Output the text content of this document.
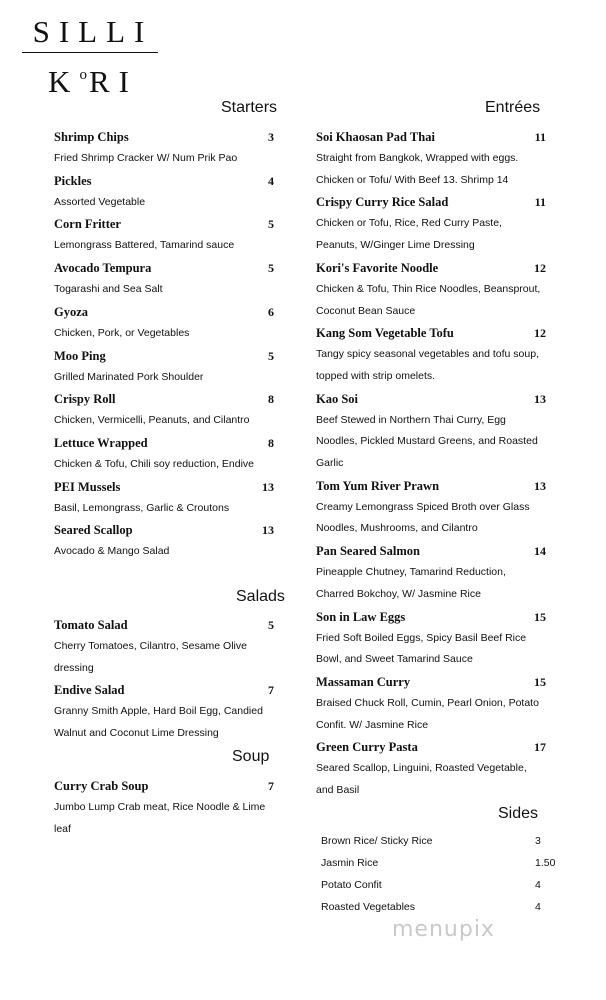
SILLI
$K^oRI$
Starters	Entrées
Salads
Soup
Sides
Shrimp Chips	3
Fried Shrimp Cracker W/ Num Prik Pao
Pickles	4
Assorted Vegetable
Corn Fritter	5
Lemongrass Battered, Tamarind sauce
Avocado Tempura	5
Togarashi and Sea Salt
Gyoza	6
Chicken, Pork, or Vegetables
Moo Ping	5
Grilled Marinated Pork Shoulder
Crispy Roll	8
Chicken, Vermicelli, Peanuts, and Cilantro
Lettuce Wrapped	8
Chicken & Tofu, Chili soy reduction, Endive
PEI Mussels	13
Basil, Lemongrass, Garlic & Croutons
Seared Scallop	13
Avocado & Mango Salad
Tomato Salad	5
Cherry Tomatoes, Cilantro, Sesame Olive dressing
Endive Salad	7
Granny Smith Apple, Hard Boil Egg, Candied Walnut and Coconut Lime Dressing
Curry Crab Soup	7
Jumbo Lump Crab meat, Rice Noodle & Lime leaf
Soi Khaosan Pad Thai	11
Straight from Bangkok, Wrapped with eggs. Chicken or Tofu/ With Beef 13. Shrimp 14
Crispy Curry Rice Salad	11
Chicken or Tofu, Rice, Red Curry Paste, Peanuts, W/Ginger Lime Dressing
Kori's Favorite Noodle	12
Chicken & Tofu, Thin Rice Noodles, Beansprout, Coconut Bean Sauce
Kang Som Vegetable Tofu	12
Tangy spicy seasonal vegetables and tofu soup, topped with strip omelets.
Kao Soi	13
Beef Stewed in Northern Thai Curry, Egg Noodles, Pickled Mustard Greens, and Roasted Garlic
Tom Yum River Prawn	13
Creamy Lemongrass Spiced Broth over Glass Noodles, Mushrooms, and Cilantro
Pan Seared Salmon	14
Pineapple Chutney, Tamarind Reduction, Charred Bokchoy, W/ Jasmine Rice
Son in Law Eggs	15
Fried Soft Boiled Eggs, Spicy Basil Beef Rice Bowl, and Sweet Tamarind Sauce
Massaman Curry	15
Braised Chuck Roll, Cumin, Pearl Onion, Potato Confit. W/ Jasmine Rice
Green Curry Pasta	17
Seared Scallop, Linguini, Roasted Vegetable, and Basil
Brown Rice/ Sticky Rice	3
Jasmin Rice	1.50
Potato Confit	4
Roasted Vegetables	4
menupix
